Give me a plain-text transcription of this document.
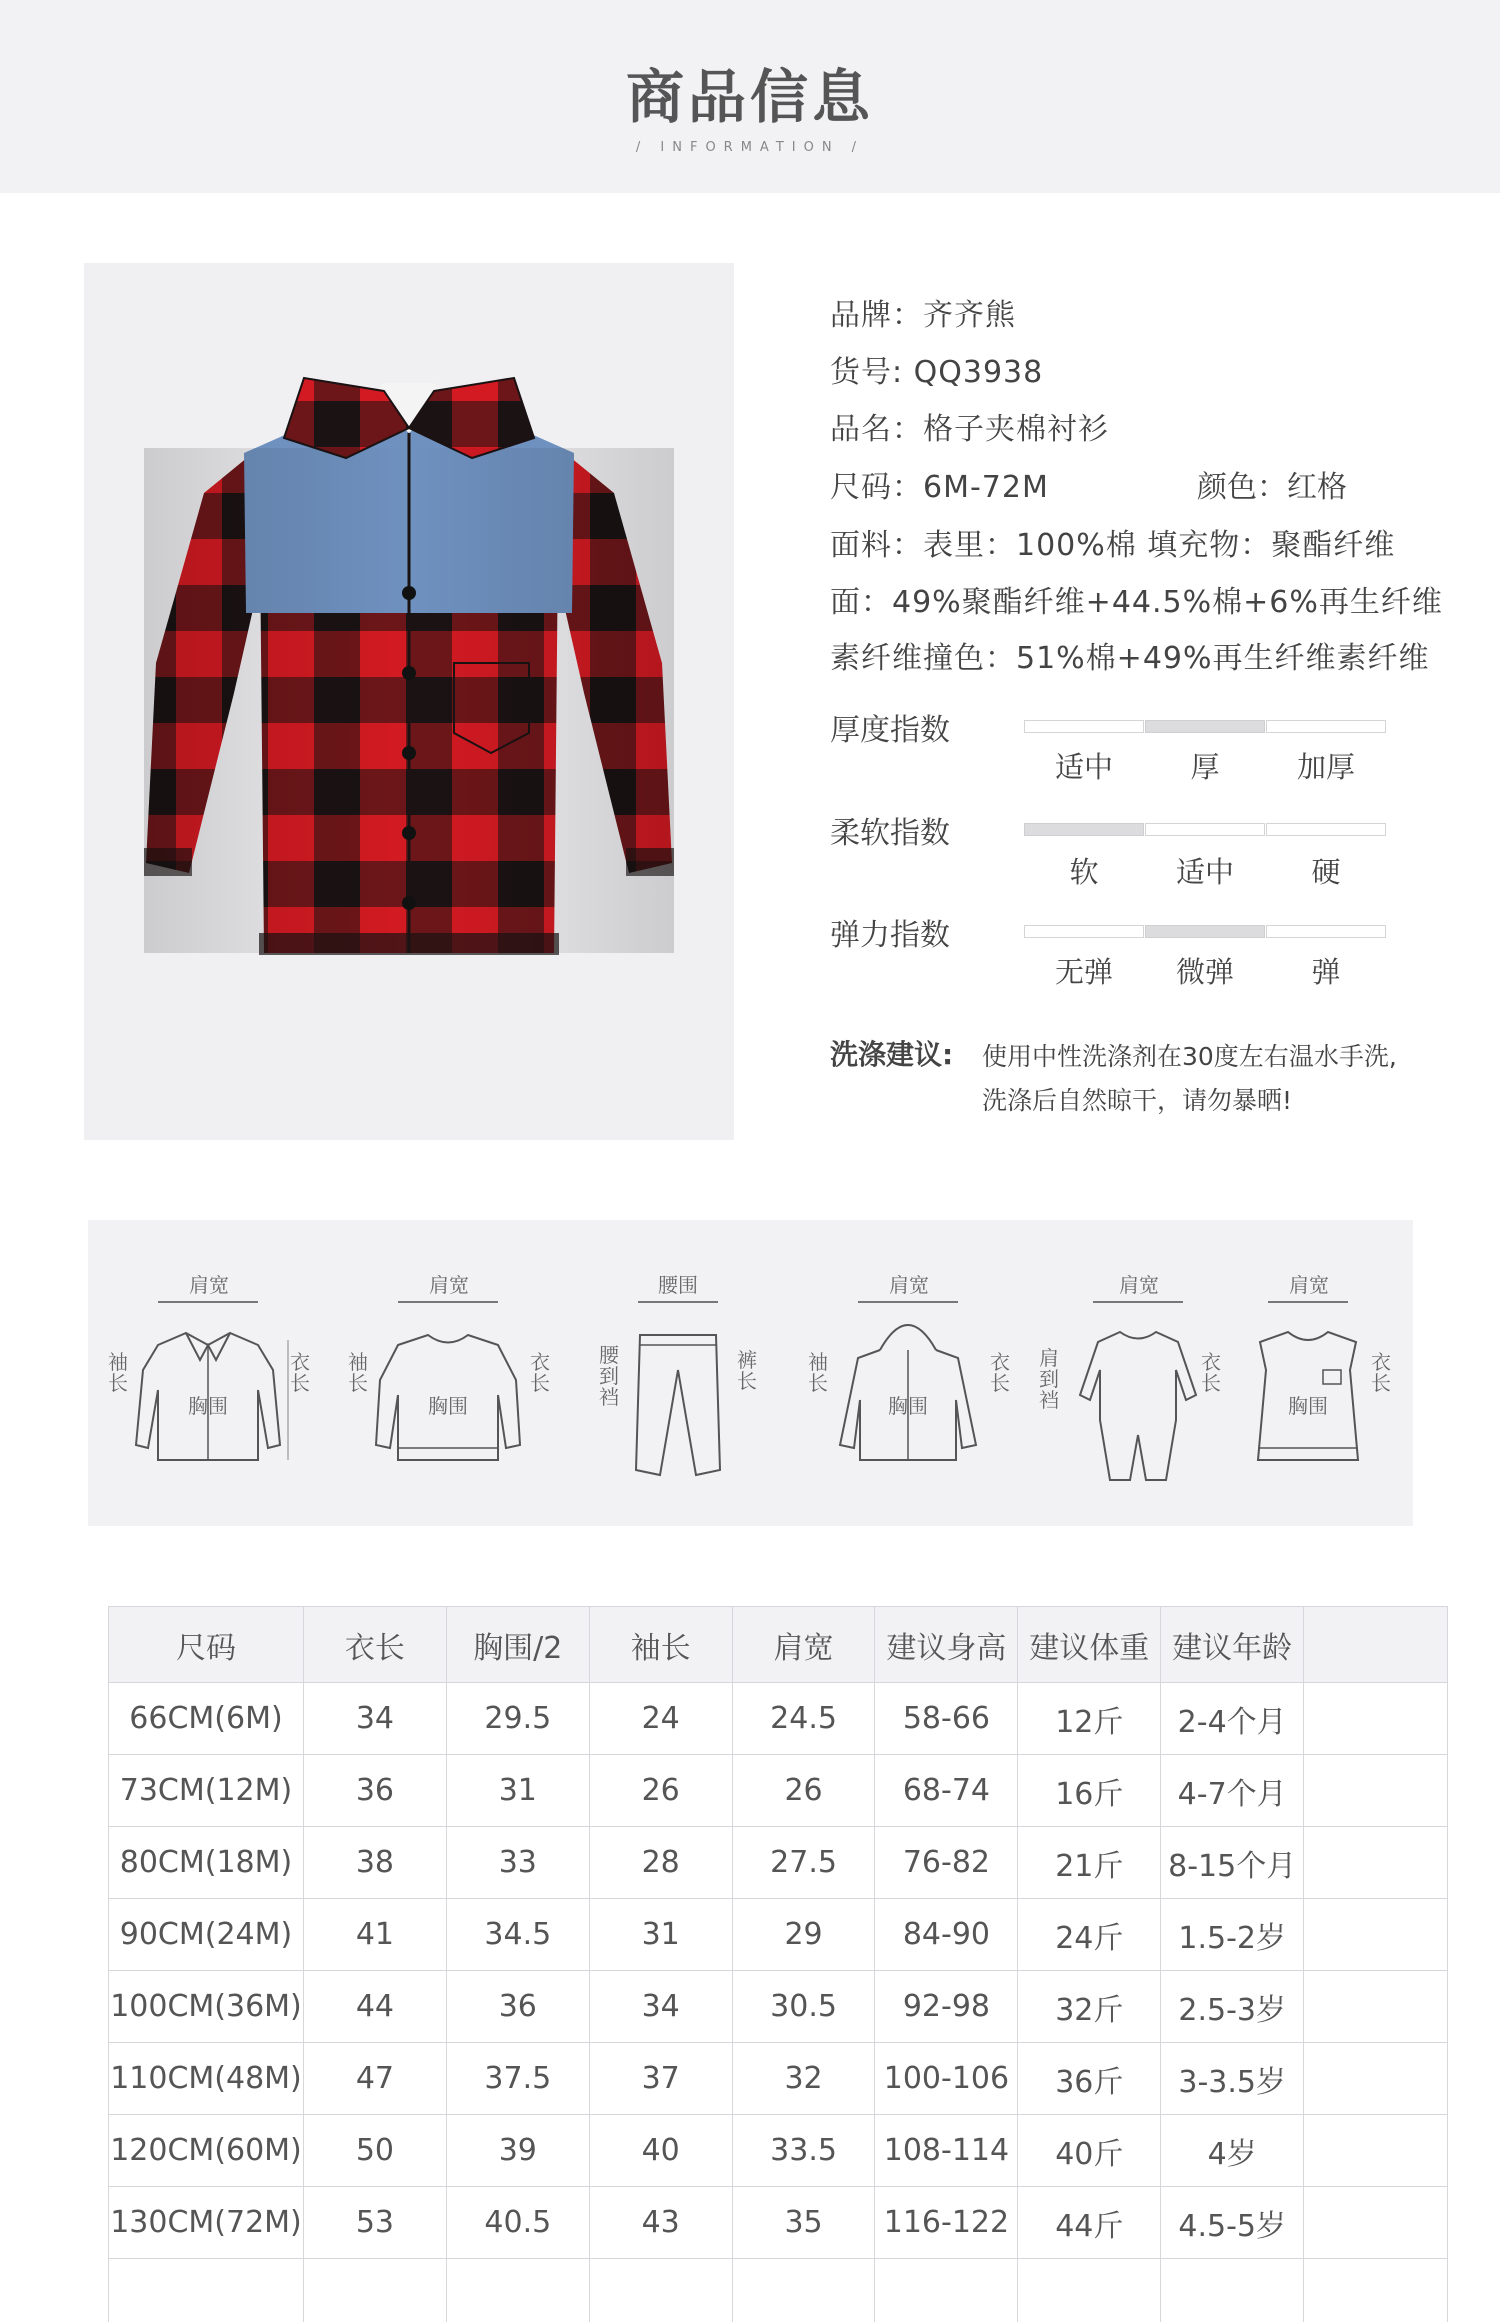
商品信息
/ INFORMATION /
品牌：齐齐熊
货号: QQ3938
品名：格子夹棉衬衫
尺码：6M-72M	颜色：红格
面料：表里：100%棉 填充物：聚酯纤维
面：49%聚酯纤维+44.5%棉+6%再生纤维
素纤维撞色：51%棉+49%再生纤维素纤维
厚度指数
适中	厚	加厚
柔软指数
软	适中	硬
弹力指数
无弹	微弹	弹
洗涤建议: 使用中性洗涤剂在30度左右温水手洗,
洗涤后自然晾干，请勿暴晒!
肩宽
胸围
袖长
衣长
肩宽
胸围
袖长
衣长
腰围
腰到裆
裤长
肩宽
胸围
袖长
衣长
肩宽
肩到裆
衣长
肩宽
胸围
衣长
尺码	衣长	胸围/2	袖长	肩宽	建议身高	建议体重	建议年龄	
66CM(6M)	34	29.5	24	24.5	58-66	12斤	2-4个月	
73CM(12M)	36	31	26	26	68-74	16斤	4-7个月	
80CM(18M)	38	33	28	27.5	76-82	21斤	8-15个月	
90CM(24M)	41	34.5	31	29	84-90	24斤	1.5-2岁	
100CM(36M)	44	36	34	30.5	92-98	32斤	2.5-3岁	
110CM(48M)	47	37.5	37	32	100-106	36斤	3-3.5岁	
120CM(60M)	50	39	40	33.5	108-114	40斤	4岁	
130CM(72M)	53	40.5	43	35	116-122	44斤	4.5-5岁	
